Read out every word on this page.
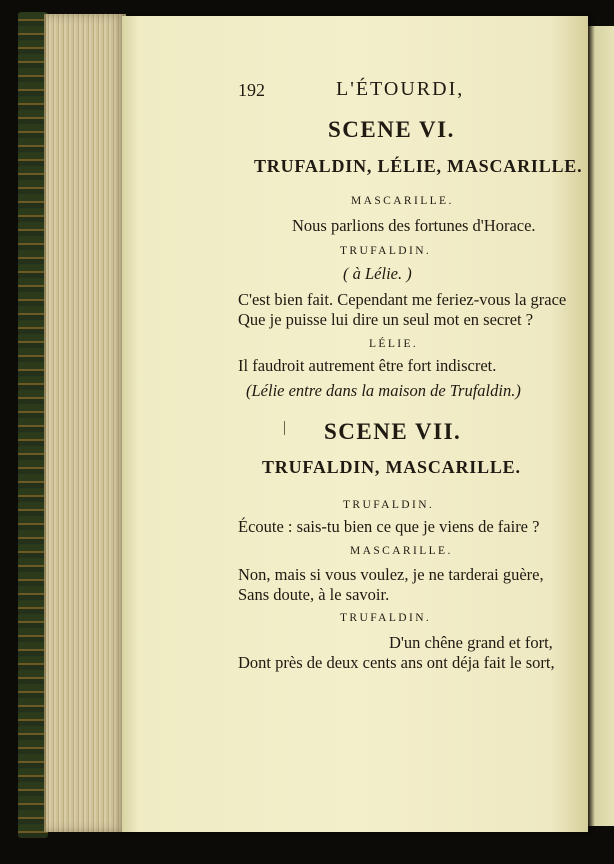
192	L'ÉTOURDI,
SCENE VI.
TRUFALDIN, LÉLIE, MASCARILLE.
MASCARILLE.
Nous parlions des fortunes d'Horace.
TRUFALDIN.
( à Lélie. )
C'est bien fait. Cependant me feriez-vous la grace
Que je puisse lui dire un seul mot en secret ?
LÉLIE.
Il faudroit autrement être fort indiscret.
(Lélie entre dans la maison de Trufaldin.)
SCENE VII.
TRUFALDIN, MASCARILLE.
TRUFALDIN.
Écoute : sais-tu bien ce que je viens de faire ?
MASCARILLE.
Non, mais si vous voulez, je ne tarderai guère,
Sans doute, à le savoir.
TRUFALDIN.
D'un chêne grand et fort,
Dont près de deux cents ans ont déja fait le sort,
